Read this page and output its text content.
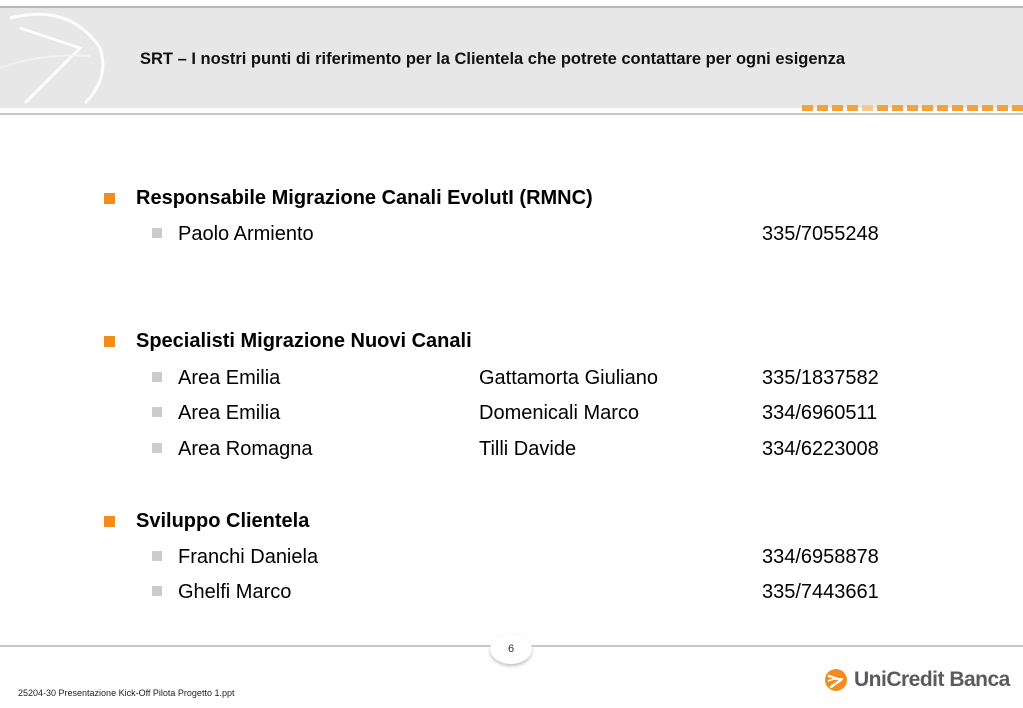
SRT – I nostri punti di riferimento per la Clientela che potrete contattare per ogni esigenza
Responsabile Migrazione Canali EvolutI (RMNC)
Paolo Armiento	335/7055248
Specialisti Migrazione Nuovi Canali
Area Emilia	Gattamorta Giuliano	335/1837582
Area Emilia	Domenicali Marco	334/6960511
Area Romagna	Tilli Davide	334/6223008
Sviluppo Clientela
Franchi Daniela	334/6958878
Ghelfi Marco	335/7443661
6
25204-30 Presentazione Kick-Off Pilota Progetto 1.ppt
UniCredit Banca
